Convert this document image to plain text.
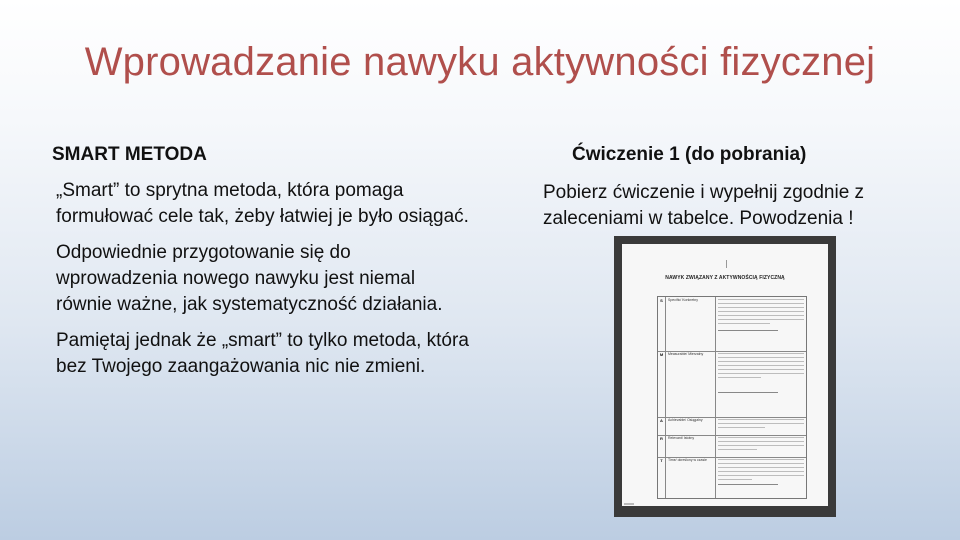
Wprowadzanie nawyku aktywności fizycznej
SMART METODA

„Smart” to sprytna metoda, która pomaga formułować cele tak, żeby łatwiej je było osiągać.

Odpowiednie przygotowanie się do wprowadzenia nowego nawyku jest niemal równie ważne, jak systematyczność działania.

Pamiętaj jednak że „smart” to tylko metoda, która bez Twojego zaangażowania nic nie zmieni.

Ćwiczenie 1 (do pobrania)
Pobierz ćwiczenie i wypełnij zgodnie z zaleceniami w tabelce. Powodzenia !
NAWYK ZWIĄZANY Z AKTYWNOŚCIĄ FIZYCZNĄ
S	Specific/ Konkretny
M	Measurable/ Mierzalny
A	Achievable/ Osiągalny
R	Relevant/ Istotny
T	Time/ określony w czasie
